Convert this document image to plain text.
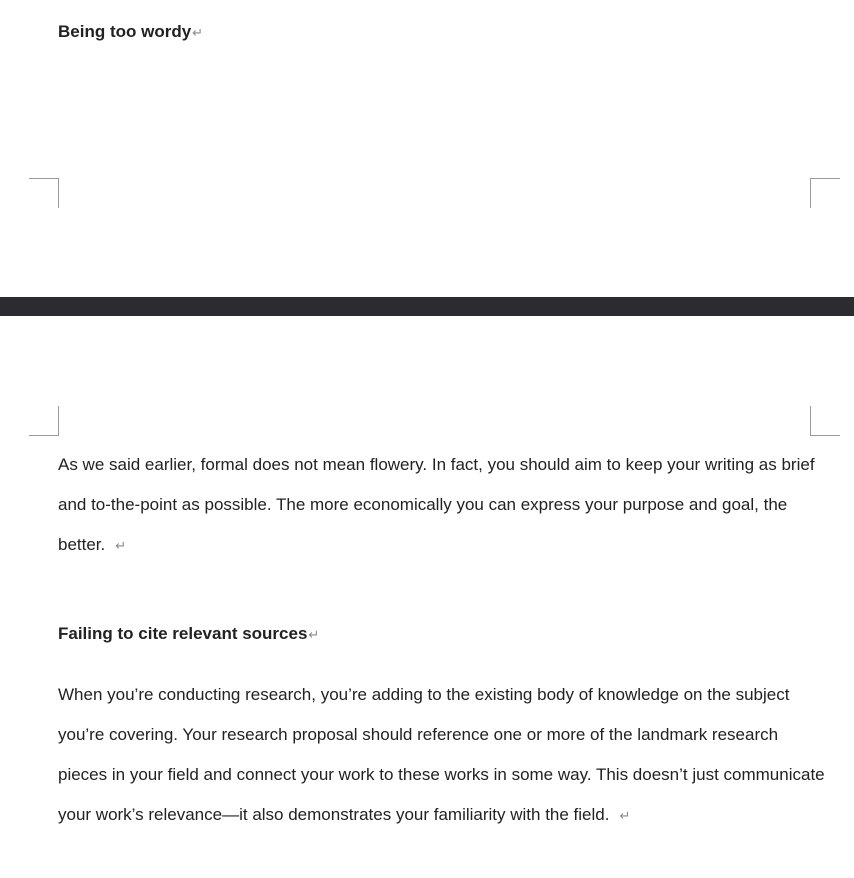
Being too wordy↵

As we said earlier, formal does not mean flowery. In fact, you should aim to keep your writing as brief and to-the-point as possible. The more economically you can express your purpose and goal, the better. ↵

Failing to cite relevant sources↵

When you’re conducting research, you’re adding to the existing body of knowledge on the subject you’re covering. Your research proposal should reference one or more of the landmark research pieces in your field and connect your work to these works in some way. This doesn’t just communicate your work’s relevance—it also demonstrates your familiarity with the field. ↵
